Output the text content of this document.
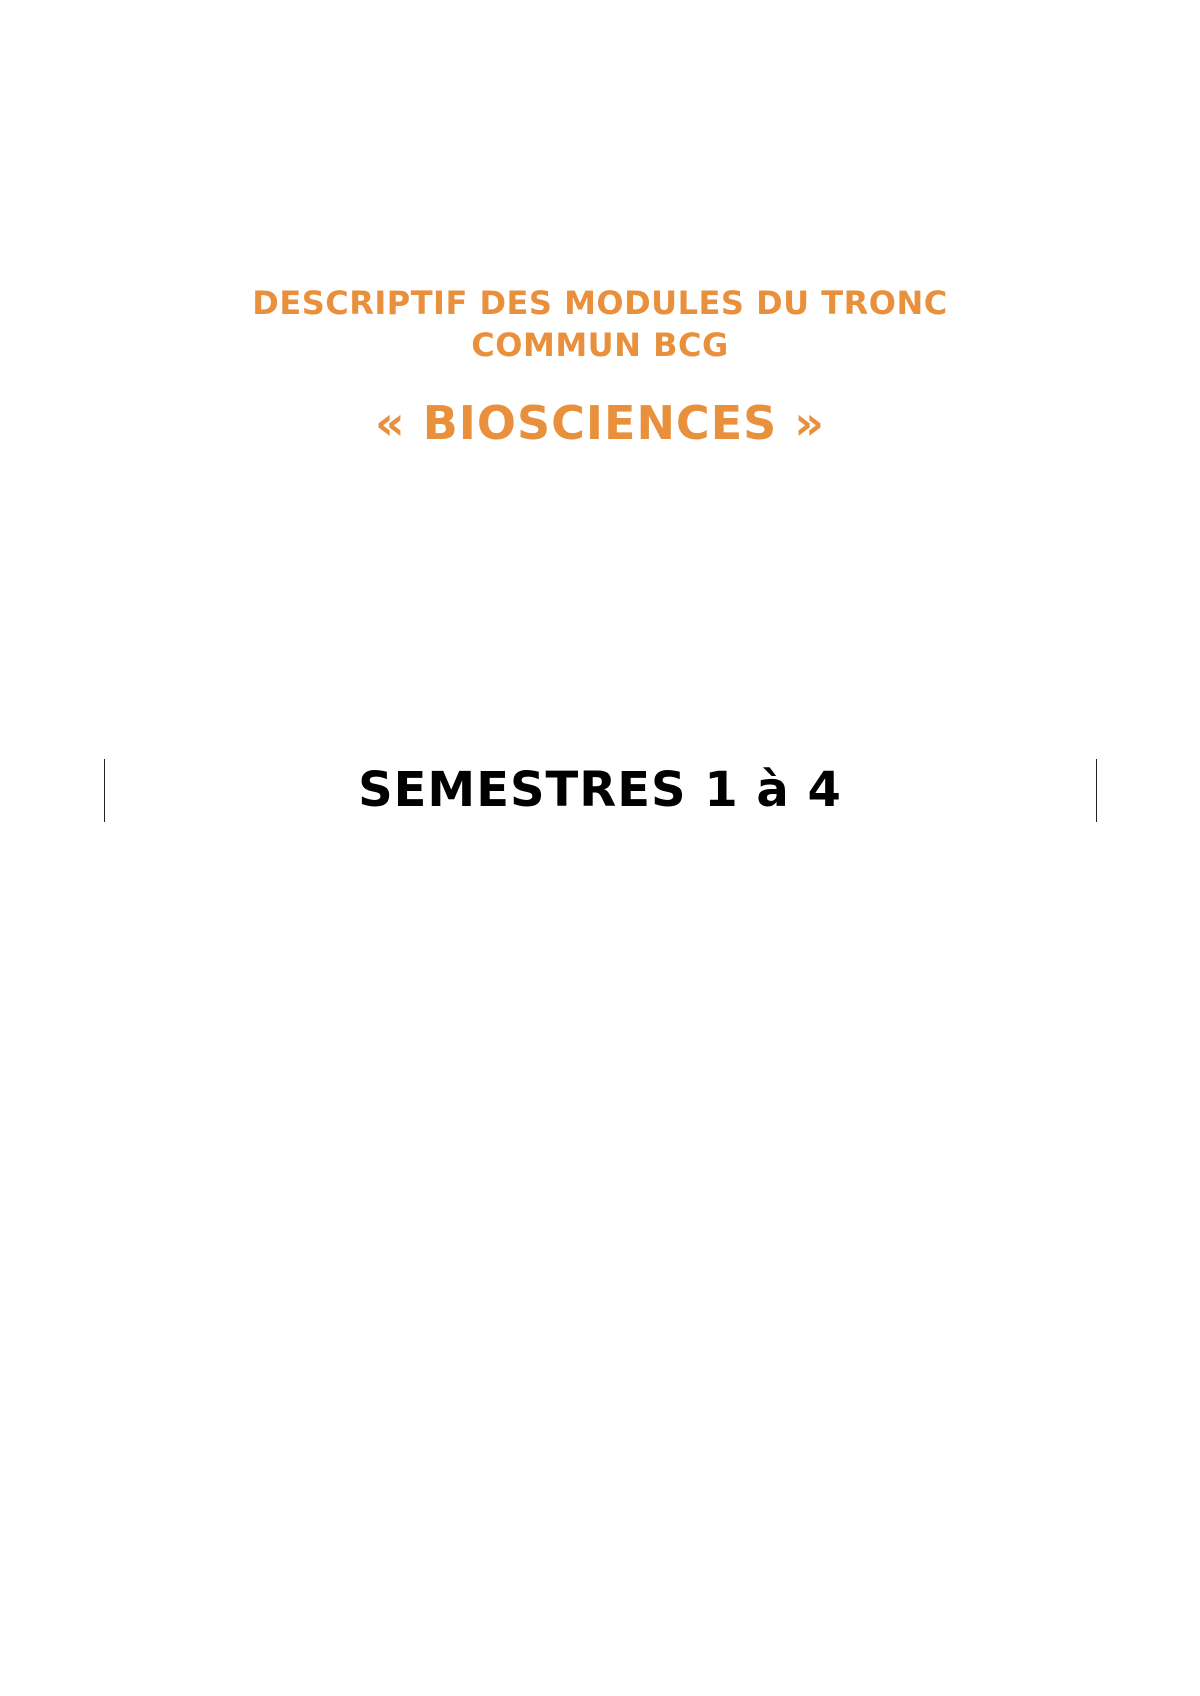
DESCRIPTIF DES MODULES DU TRONC
COMMUN BCG
« BIOSCIENCES »
SEMESTRES 1 à 4
